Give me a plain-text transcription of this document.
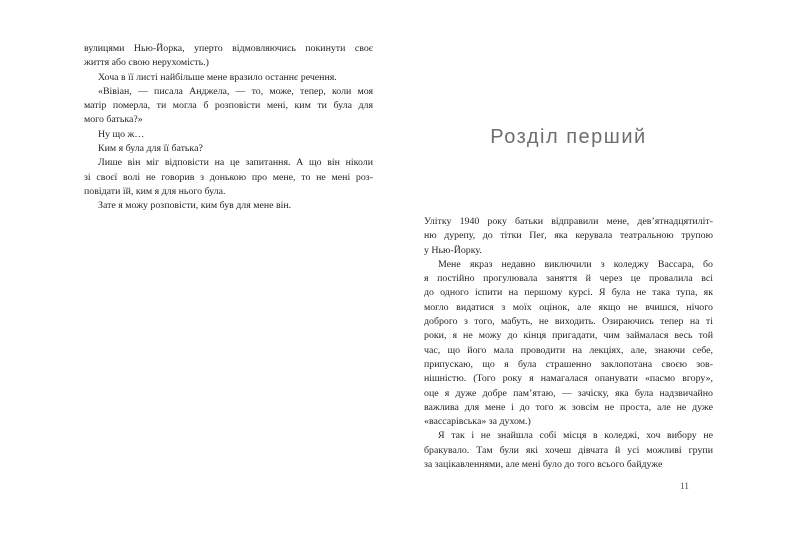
вулицями Нью-Йорка, уперто відмовляючись покинути своє
життя або свою нерухомість.)
Хоча в її листі найбільше мене вразило останнє речення.
«Вівіан, — писала Анджела, — то, може, тепер, коли моя
матір померла, ти могла б розповісти мені, ким ти була для
мого батька?»
Ну що ж…
Ким я була для її батька?
Лише він міг відповісти на це запитання. А що він ніколи
зі своєї волі не говорив з донькою про мене, то не мені роз-
повідати їй, ким я для нього була.
Зате я можу розповісти, ким був для мене він.
Розділ перший
Улітку 1940 року батьки відправили мене, дев’ятнадцятиліт-
ню дурепу, до тітки Пеґ, яка керувала театральною трупою
у Нью-Йорку.
Мене якраз недавно виключили з коледжу Вассара, бо
я постійно прогулювала заняття й через це провалила всі
до одного іспити на першому курсі. Я була не така тупа, як
могло видатися з моїх оцінок, але якщо не вчишся, нічого
доброго з того, мабуть, не виходить. Озираючись тепер на ті
роки, я не можу до кінця пригадати, чим займалася весь той
час, що його мала проводити на лекціях, але, знаючи себе,
припускаю, що я була страшенно заклопотана своєю зов-
нішністю. (Того року я намагалася опанувати «пасмо вгору»,
оце я дуже добре пам’ятаю, — зачіску, яка була надзвичайно
важлива для мене і до того ж зовсім не проста, але не дуже
«вассарівська» за духом.)
Я так і не знайшла собі місця в коледжі, хоч вибору не
бракувало. Там були які хочеш дівчата й усі можливі групи
за зацікавленнями, але мені було до того всього байдуже
11
